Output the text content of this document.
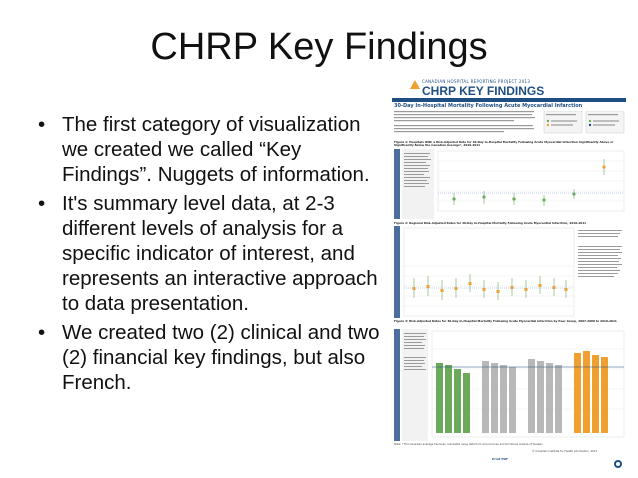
CHRP Key Findings
• The first category of visualization we created we called “Key Findings”. Nuggets of information.
• It's summary level data, at 2-3 different levels of analysis for a specific indicator of interest, and represents an interactive approach to data presentation.
• We created two (2) clinical and two (2) financial key findings, but also French.
CANADIAN HOSPITAL REPORTING PROJECT 2013
CHRP KEY FINDINGS
30-Day In-Hospital Mortality Following Acute Myocardial Infarction
Figure 1: Hospitals With a Risk-Adjusted Rate for 30-Day In-Hospital Mortality Following Acute Myocardial Infarction Significantly Above or Significantly Below the Canadian Average*, 2010-2011
Figure 2: Regional Risk-Adjusted Rates for 30-Day In-Hospital Mortality Following Acute Myocardial Infarction, 2010-2011
Figure 3: Risk-Adjusted Rates for 30-Day In-Hospital Mortality Following Acute Myocardial Infarction by Peer Group, 2007-2008 to 2010-2011
Note: * The Canadian average has been calculated using data from all provinces and territories outside of Quebec.
© Canadian Institute for Health Information, 2013
Print PDF
